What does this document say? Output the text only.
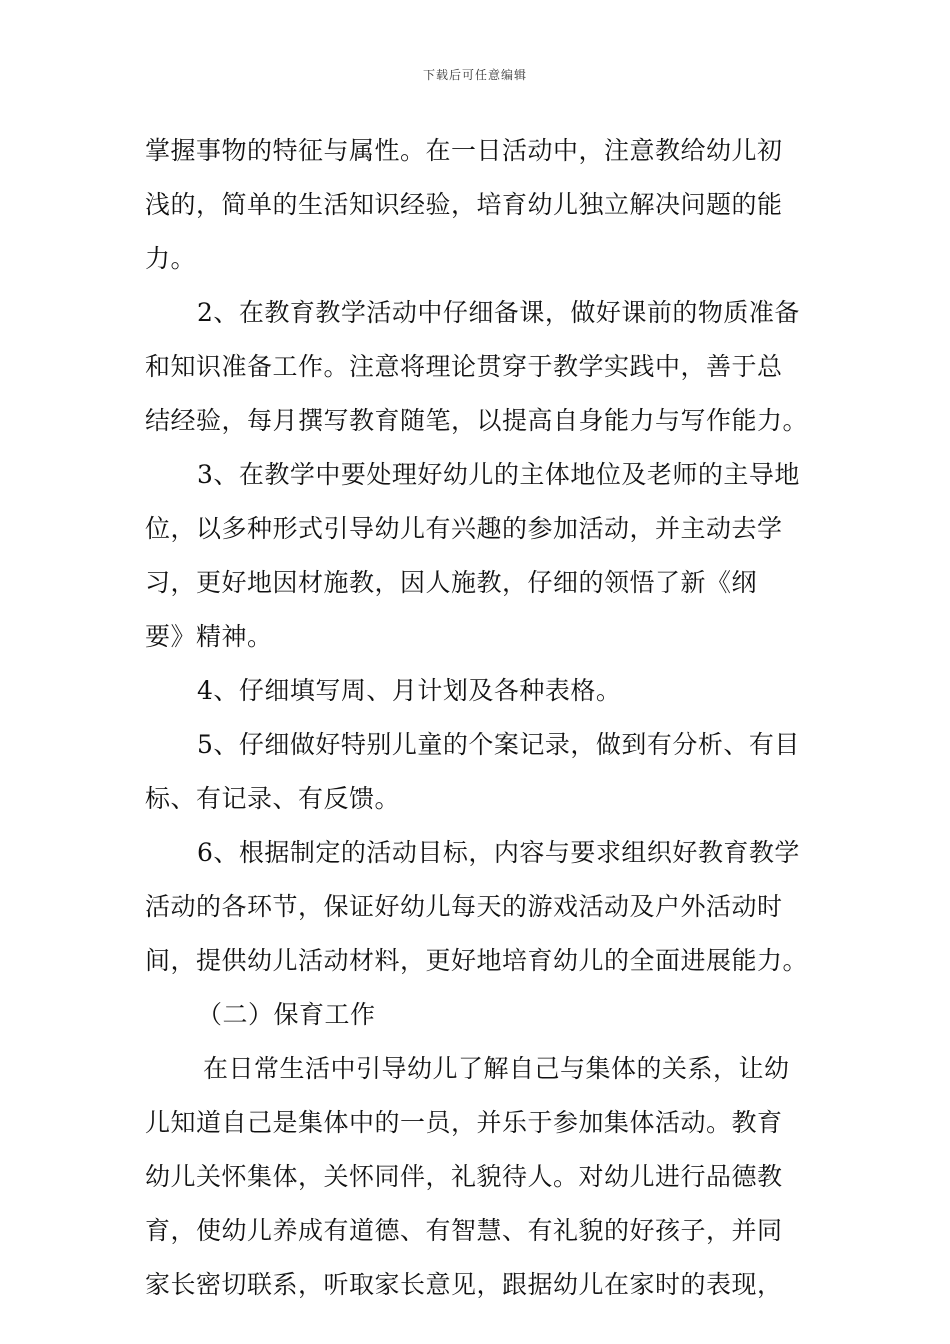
下载后可任意编辑
掌握事物的特征与属性。在一日活动中，注意教给幼儿初
浅的，简单的生活知识经验，培育幼儿独立解决问题的能
力。
2、在教育教学活动中仔细备课，做好课前的物质准备
和知识准备工作。注意将理论贯穿于教学实践中，善于总
结经验，每月撰写教育随笔，以提高自身能力与写作能力。
3、在教学中要处理好幼儿的主体地位及老师的主导地
位，以多种形式引导幼儿有兴趣的参加活动，并主动去学
习，更好地因材施教，因人施教，仔细的领悟了新《纲
要》精神。
4、仔细填写周、月计划及各种表格。
5、仔细做好特别儿童的个案记录，做到有分析、有目
标、有记录、有反馈。
6、根据制定的活动目标，内容与要求组织好教育教学
活动的各环节，保证好幼儿每天的游戏活动及户外活动时
间，提供幼儿活动材料，更好地培育幼儿的全面进展能力。
（二）保育工作
在日常生活中引导幼儿了解自己与集体的关系，让幼
儿知道自己是集体中的一员，并乐于参加集体活动。教育
幼儿关怀集体，关怀同伴，礼貌待人。对幼儿进行品德教
育，使幼儿养成有道德、有智慧、有礼貌的好孩子，并同
家长密切联系，听取家长意见，跟据幼儿在家时的表现，
